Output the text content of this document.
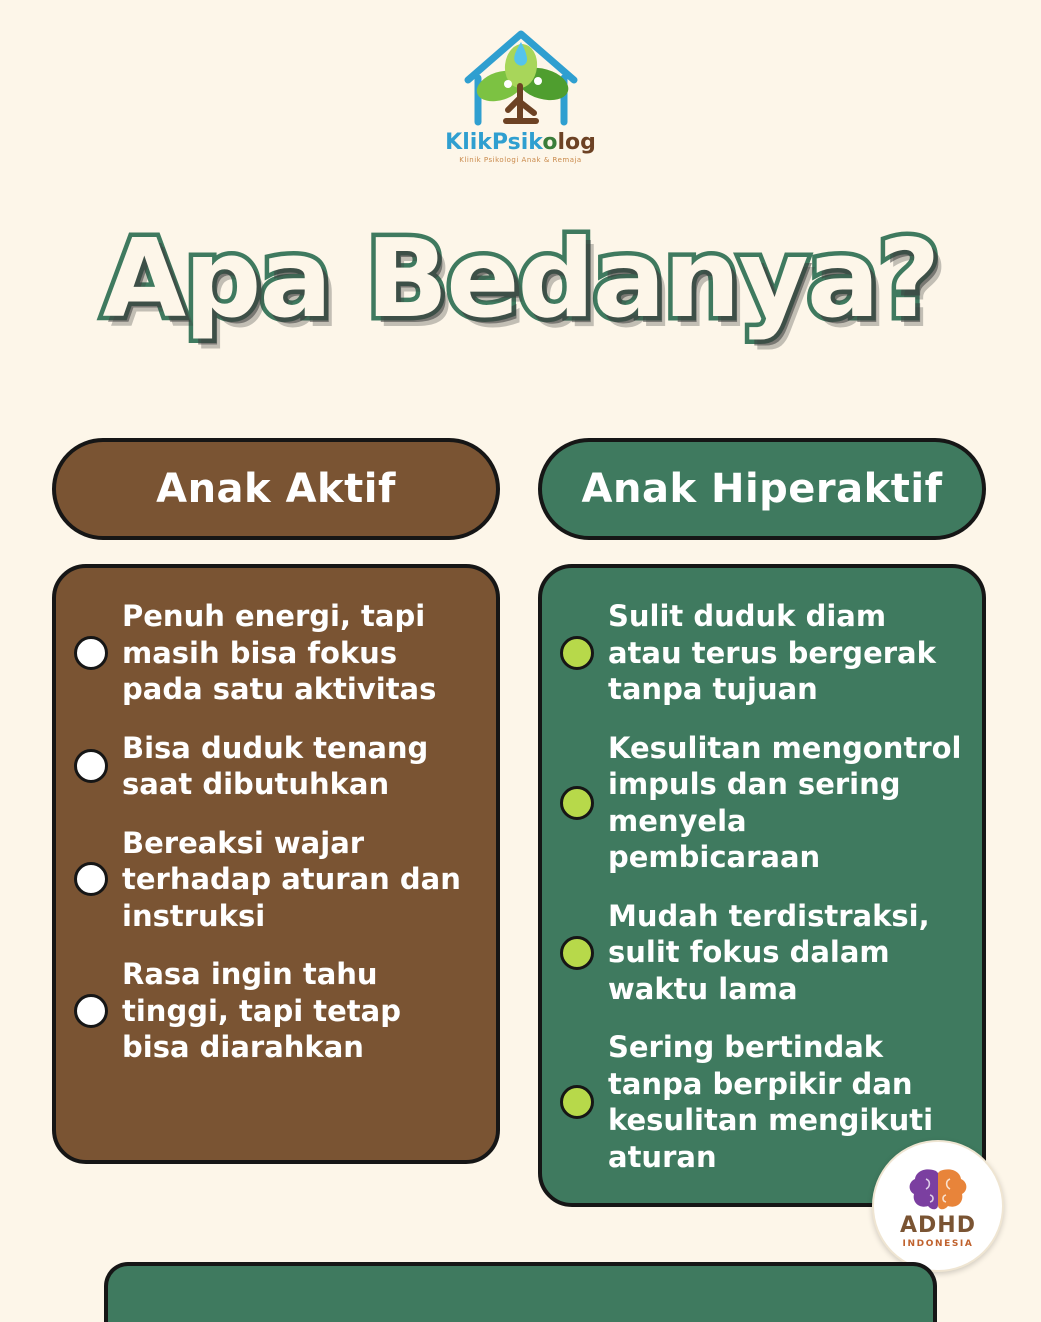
KlikPsikolog
Klinik Psikologi Anak & Remaja
Apa Bedanya?
Anak Aktif
Penuh energi, tapi masih bisa fokus pada satu aktivitas
Bisa duduk tenang saat dibutuhkan
Bereaksi wajar terhadap aturan dan instruksi
Rasa ingin tahu tinggi, tapi tetap bisa diarahkan
Anak Hiperaktif
Sulit duduk diam atau terus bergerak tanpa tujuan
Kesulitan mengontrol impuls dan sering menyela pembicaraan
Mudah terdistraksi, sulit fokus dalam waktu lama
Sering bertindak tanpa berpikir dan kesulitan mengikuti aturan
ADHD
INDONESIA
